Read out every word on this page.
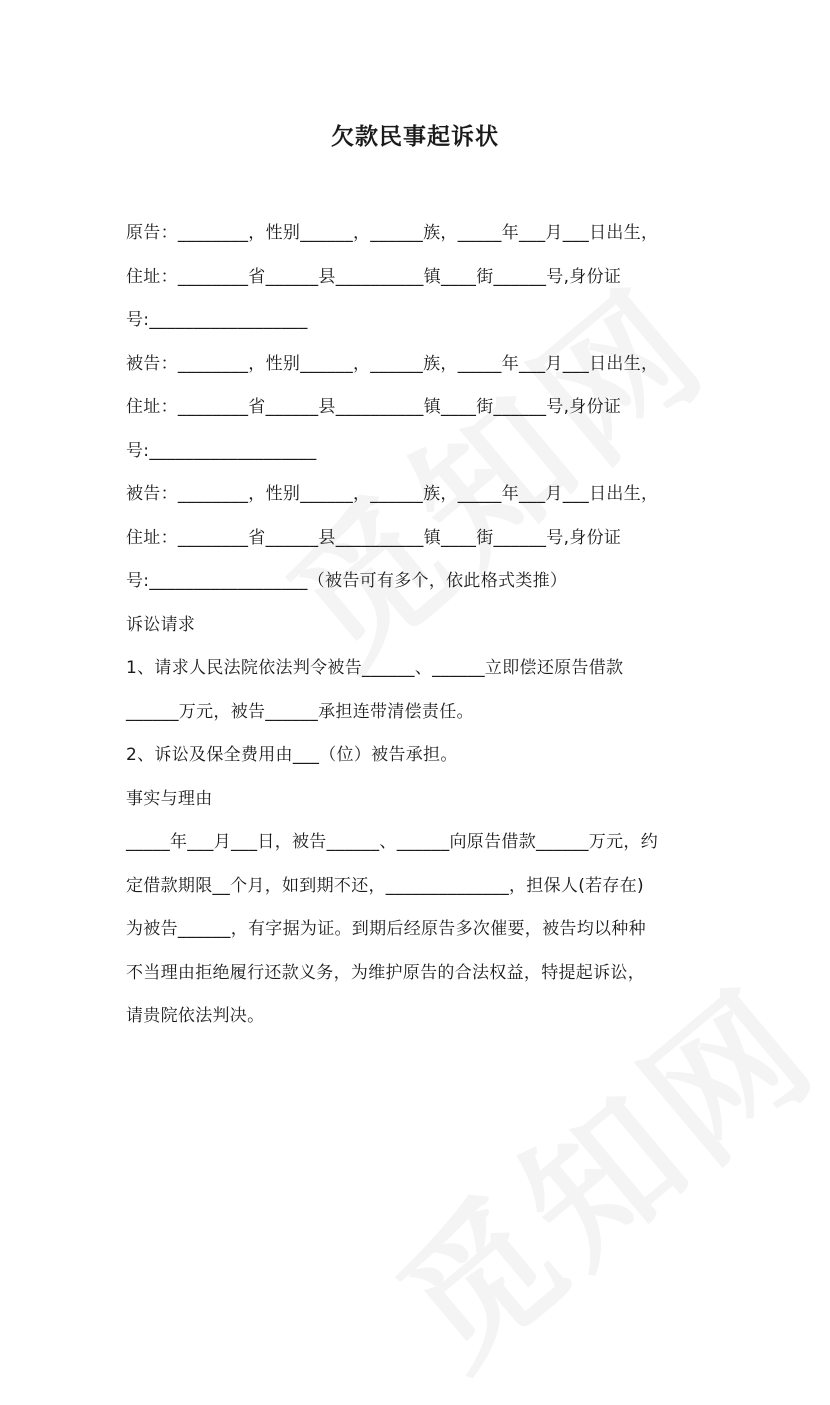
欠款民事起诉状
原告：________，性别______，______族，_____年___月___日出生，
住址：________省______县__________镇____街______号,身份证
号:__________________
被告：________，性别______，______族，_____年___月___日出生，
住址：________省______县__________镇____街______号,身份证
号:___________________
被告：________，性别______，______族，_____年___月___日出生，
住址：________省______县__________镇____街______号,身份证
号:__________________（被告可有多个，依此格式类推）
诉讼请求
1、请求人民法院依法判令被告______、______立即偿还原告借款
______万元，被告______承担连带清偿责任。
2、诉讼及保全费用由___（位）被告承担。
事实与理由
_____年___月___日，被告______、______向原告借款______万元，约
定借款期限__个月，如到期不还，______________，担保人(若存在)
为被告______，有字据为证。到期后经原告多次催要，被告均以种种
不当理由拒绝履行还款义务，为维护原告的合法权益，特提起诉讼，
请贵院依法判决。
